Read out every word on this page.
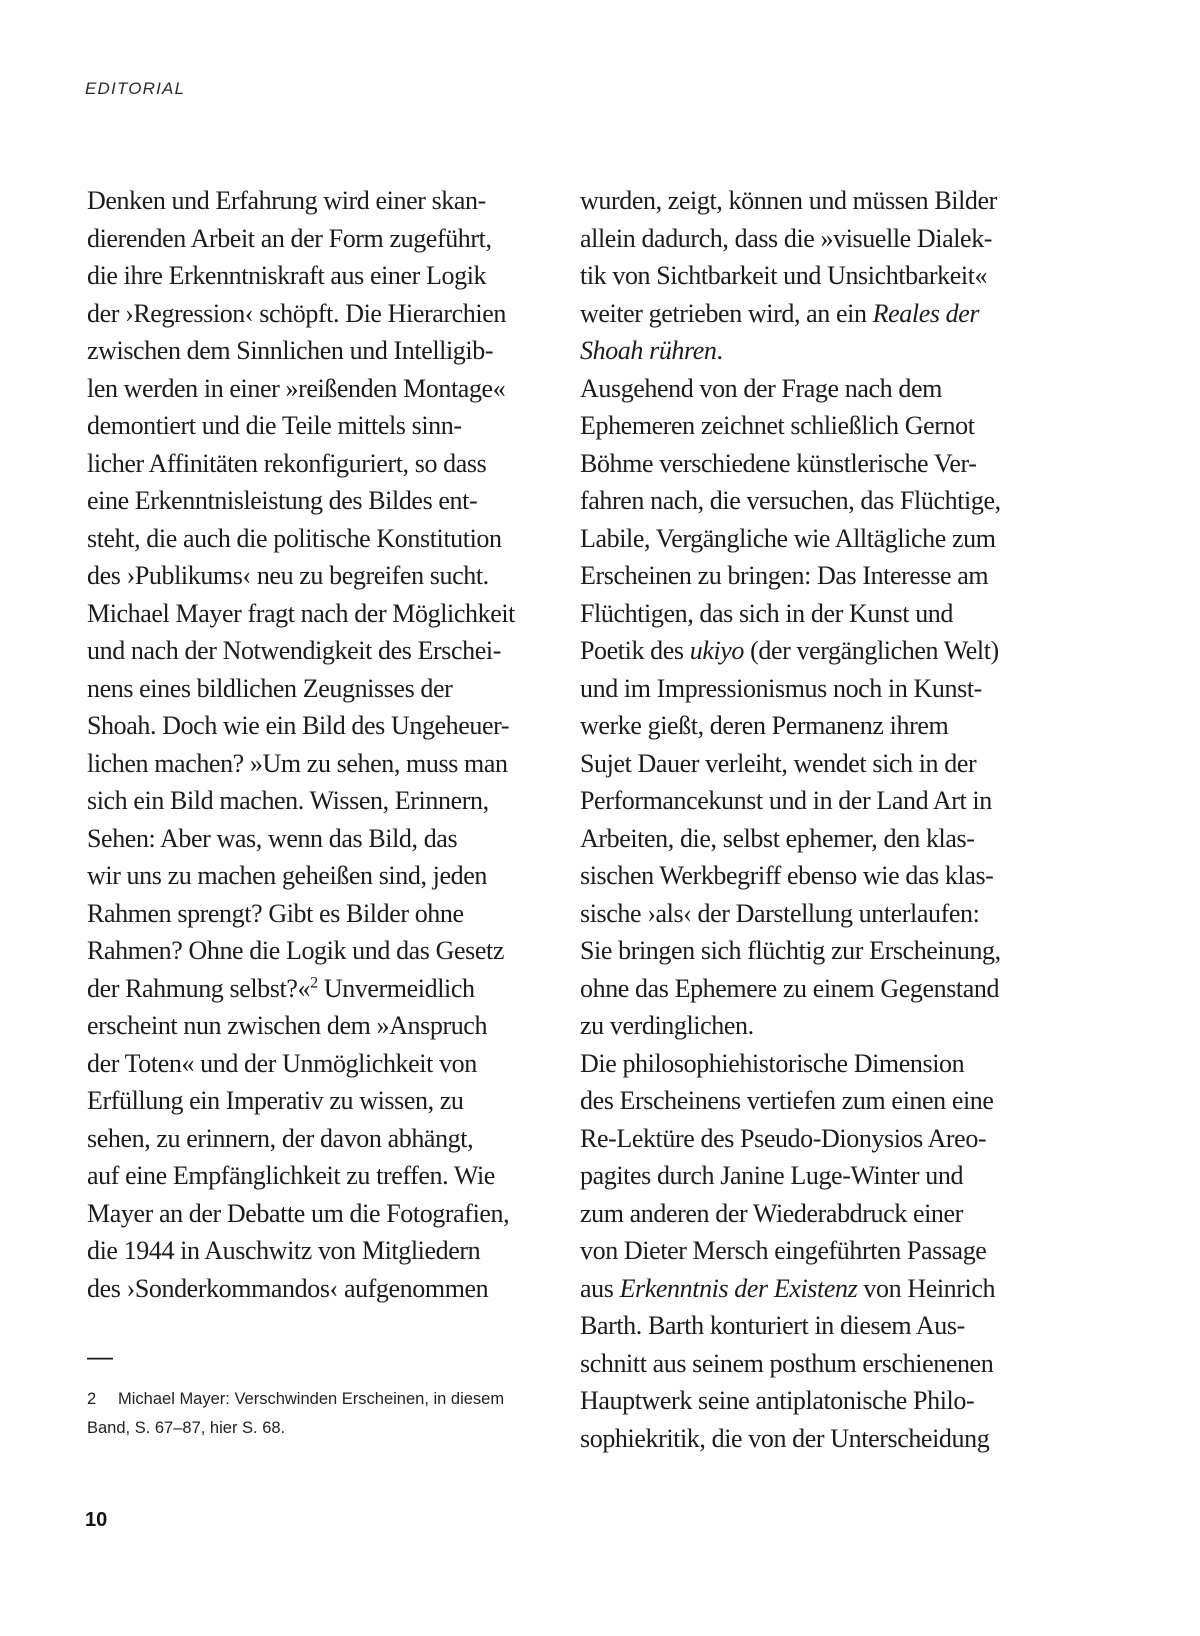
EDITORIAL
Denken und Erfahrung wird einer skan-
dierenden Arbeit an der Form zugeführt,
die ihre Erkenntniskraft aus einer Logik
der ›Regression‹ schöpft. Die Hierarchien
zwischen dem Sinnlichen und Intelligib-
len werden in einer »reißenden Montage«
demontiert und die Teile mittels sinn-
licher Affinitäten rekonfiguriert, so dass
eine Erkenntnisleistung des Bildes ent-
steht, die auch die politische Konstitution
des ›Publikums‹ neu zu begreifen sucht.
Michael Mayer fragt nach der Möglichkeit
und nach der Notwendigkeit des Erschei-
nens eines bildlichen Zeugnisses der
Shoah. Doch wie ein Bild des Ungeheuer-
lichen machen? »Um zu sehen, muss man
sich ein Bild machen. Wissen, Erinnern,
Sehen: Aber was, wenn das Bild, das
wir uns zu machen geheißen sind, jeden
Rahmen sprengt? Gibt es Bilder ohne
Rahmen? Ohne die Logik und das Gesetz
der Rahmung selbst?«$^2$ Unvermeidlich
erscheint nun zwischen dem »Anspruch
der Toten« und der Unmöglichkeit von
Erfüllung ein Imperativ zu wissen, zu
sehen, zu erinnern, der davon abhängt,
auf eine Empfänglichkeit zu treffen. Wie
Mayer an der Debatte um die Fotografien,
die 1944 in Auschwitz von Mitgliedern
des ›Sonderkommandos‹ aufgenommen
—
2 Michael Mayer: Verschwinden Erscheinen, in diesem
Band, S. 67–87, hier S. 68.
wurden, zeigt, können und müssen Bilder
allein dadurch, dass die »visuelle Dialek-
tik von Sichtbarkeit und Unsichtbarkeit«
weiter getrieben wird, an ein Reales der
Shoah rühren.
Ausgehend von der Frage nach dem
Ephemeren zeichnet schließlich Gernot
Böhme verschiedene künstlerische Ver-
fahren nach, die versuchen, das Flüchtige,
Labile, Vergängliche wie Alltägliche zum
Erscheinen zu bringen: Das Interesse am
Flüchtigen, das sich in der Kunst und
Poetik des ukiyo (der vergänglichen Welt)
und im Impressionismus noch in Kunst-
werke gießt, deren Permanenz ihrem
Sujet Dauer verleiht, wendet sich in der
Performancekunst und in der Land Art in
Arbeiten, die, selbst ephemer, den klas-
sischen Werkbegriff ebenso wie das klas-
sische ›als‹ der Darstellung unterlaufen:
Sie bringen sich flüchtig zur Erscheinung,
ohne das Ephemere zu einem Gegenstand
zu verdinglichen.
Die philosophiehistorische Dimension
des Erscheinens vertiefen zum einen eine
Re-Lektüre des Pseudo-Dionysios Areo-
pagites durch Janine Luge-Winter und
zum anderen der Wiederabdruck einer
von Dieter Mersch eingeführten Passage
aus Erkenntnis der Existenz von Heinrich
Barth. Barth konturiert in diesem Aus-
schnitt aus seinem posthum erschienenen
Hauptwerk seine antiplatonische Philo-
sophiekritik, die von der Unterscheidung
10
